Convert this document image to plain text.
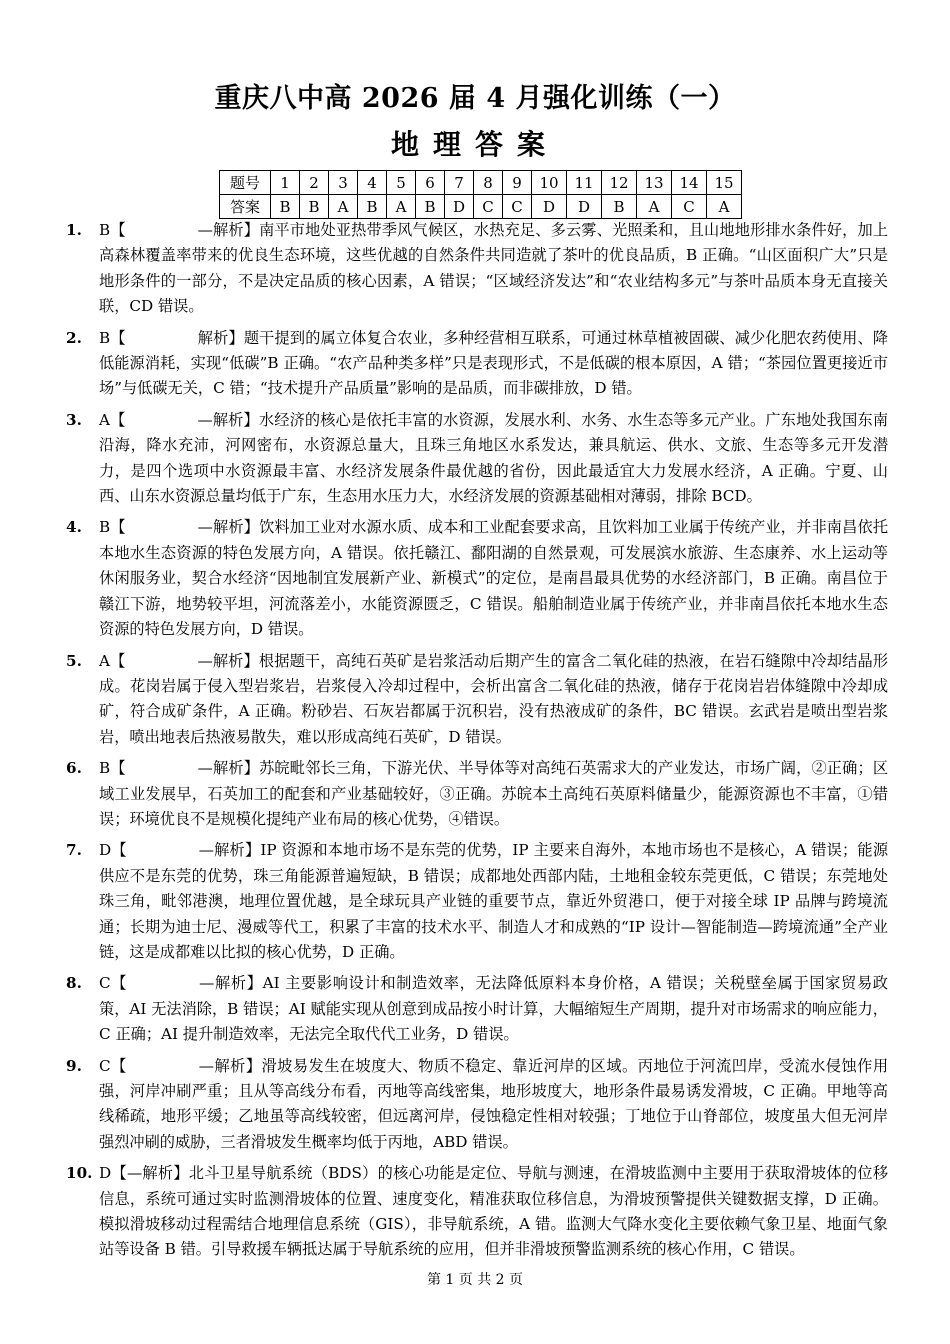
重庆八中高 2026 届 4 月强化训练（一）
地理答案
题号	1	2	3	4	5	6	7	8	9	10	11	12	13	14	15
答案	B	B	A	B	A	B	D	C	C	D	D	B	A	C	A
1. B【	—解析】南平市地处亚热带季风气候区，水热充足、多云雾、光照柔和，且山地地形排水条件好，加上高森林覆盖率带来的优良生态环境，这些优越的自然条件共同造就了茶叶的优良品质，B 正确。“山区面积广大”只是地形条件的一部分，不是决定品质的核心因素，A 错误；“区域经济发达”和“农业结构多元”与茶叶品质本身无直接关联，CD 错误。
2. B【	解析】题干提到的属立体复合农业，多种经营相互联系，可通过林草植被固碳、减少化肥农药使用、降低能源消耗，实现“低碳”B 正确。“农产品种类多样”只是表现形式，不是低碳的根本原因，A 错；“茶园位置更接近市场”与低碳无关，C 错；“技术提升产品质量”影响的是品质，而非碳排放，D 错。
3. A【	—解析】水经济的核心是依托丰富的水资源，发展水利、水务、水生态等多元产业。广东地处我国东南沿海，降水充沛，河网密布，水资源总量大，且珠三角地区水系发达，兼具航运、供水、文旅、生态等多元开发潜力，是四个选项中水资源最丰富、水经济发展条件最优越的省份，因此最适宜大力发展水经济，A 正确。宁夏、山西、山东水资源总量均低于广东，生态用水压力大，水经济发展的资源基础相对薄弱，排除 BCD。
4. B【	—解析】饮料加工业对水源水质、成本和工业配套要求高，且饮料加工业属于传统产业，并非南昌依托本地水生态资源的特色发展方向，A 错误。依托赣江、鄱阳湖的自然景观，可发展滨水旅游、生态康养、水上运动等休闲服务业，契合水经济“因地制宜发展新产业、新模式”的定位，是南昌最具优势的水经济部门，B 正确。南昌位于赣江下游，地势较平坦，河流落差小，水能资源匮乏，C 错误。船舶制造业属于传统产业，并非南昌依托本地水生态资源的特色发展方向，D 错误。
5. A【	—解析】根据题干，高纯石英矿是岩浆活动后期产生的富含二氧化硅的热液，在岩石缝隙中冷却结晶形成。花岗岩属于侵入型岩浆岩，岩浆侵入冷却过程中，会析出富含二氧化硅的热液，储存于花岗岩岩体缝隙中冷却成矿，符合成矿条件，A 正确。粉砂岩、石灰岩都属于沉积岩，没有热液成矿的条件，BC 错误。玄武岩是喷出型岩浆岩，喷出地表后热液易散失，难以形成高纯石英矿，D 错误。
6. B【	—解析】苏皖毗邻长三角，下游光伏、半导体等对高纯石英需求大的产业发达，市场广阔，②正确；区域工业发展早，石英加工的配套和产业基础较好，③正确。苏皖本土高纯石英原料储量少，能源资源也不丰富，①错误；环境优良不是规模化提纯产业布局的核心优势，④错误。
7. D【	—解析】IP 资源和本地市场不是东莞的优势，IP 主要来自海外，本地市场也不是核心，A 错误；能源供应不是东莞的优势，珠三角能源普遍短缺，B 错误；成都地处西部内陆，土地租金较东莞更低，C 错误；东莞地处珠三角，毗邻港澳，地理位置优越，是全球玩具产业链的重要节点，靠近外贸港口，便于对接全球 IP 品牌与跨境流通；长期为迪士尼、漫威等代工，积累了丰富的技术水平、制造人才和成熟的“IP 设计—智能制造—跨境流通”全产业链，这是成都难以比拟的核心优势，D 正确。
8. C【	—解析】AI 主要影响设计和制造效率，无法降低原料本身价格，A 错误；关税壁垒属于国家贸易政策，AI 无法消除，B 错误；AI 赋能实现从创意到成品按小时计算，大幅缩短生产周期，提升对市场需求的响应能力，C 正确；AI 提升制造效率，无法完全取代代工业务，D 错误。
9. C【	—解析】滑坡易发生在坡度大、物质不稳定、靠近河岸的区域。丙地位于河流凹岸，受流水侵蚀作用强，河岸冲刷严重；且从等高线分布看，丙地等高线密集，地形坡度大，地形条件最易诱发滑坡，C 正确。甲地等高线稀疏，地形平缓；乙地虽等高线较密，但远离河岸，侵蚀稳定性相对较强；丁地位于山脊部位，坡度虽大但无河岸强烈冲刷的威胁，三者滑坡发生概率均低于丙地，ABD 错误。
10. D【—解析】北斗卫星导航系统（BDS）的核心功能是定位、导航与测速，在滑坡监测中主要用于获取滑坡体的位移信息，系统可通过实时监测滑坡体的位置、速度变化，精准获取位移信息，为滑坡预警提供关键数据支撑，D 正确。模拟滑坡移动过程需结合地理信息系统（GIS），非导航系统，A 错。监测大气降水变化主要依赖气象卫星、地面气象站等设备 B 错。引导救援车辆抵达属于导航系统的应用，但并非滑坡预警监测系统的核心作用，C 错误。
第 1 页 共 2 页
